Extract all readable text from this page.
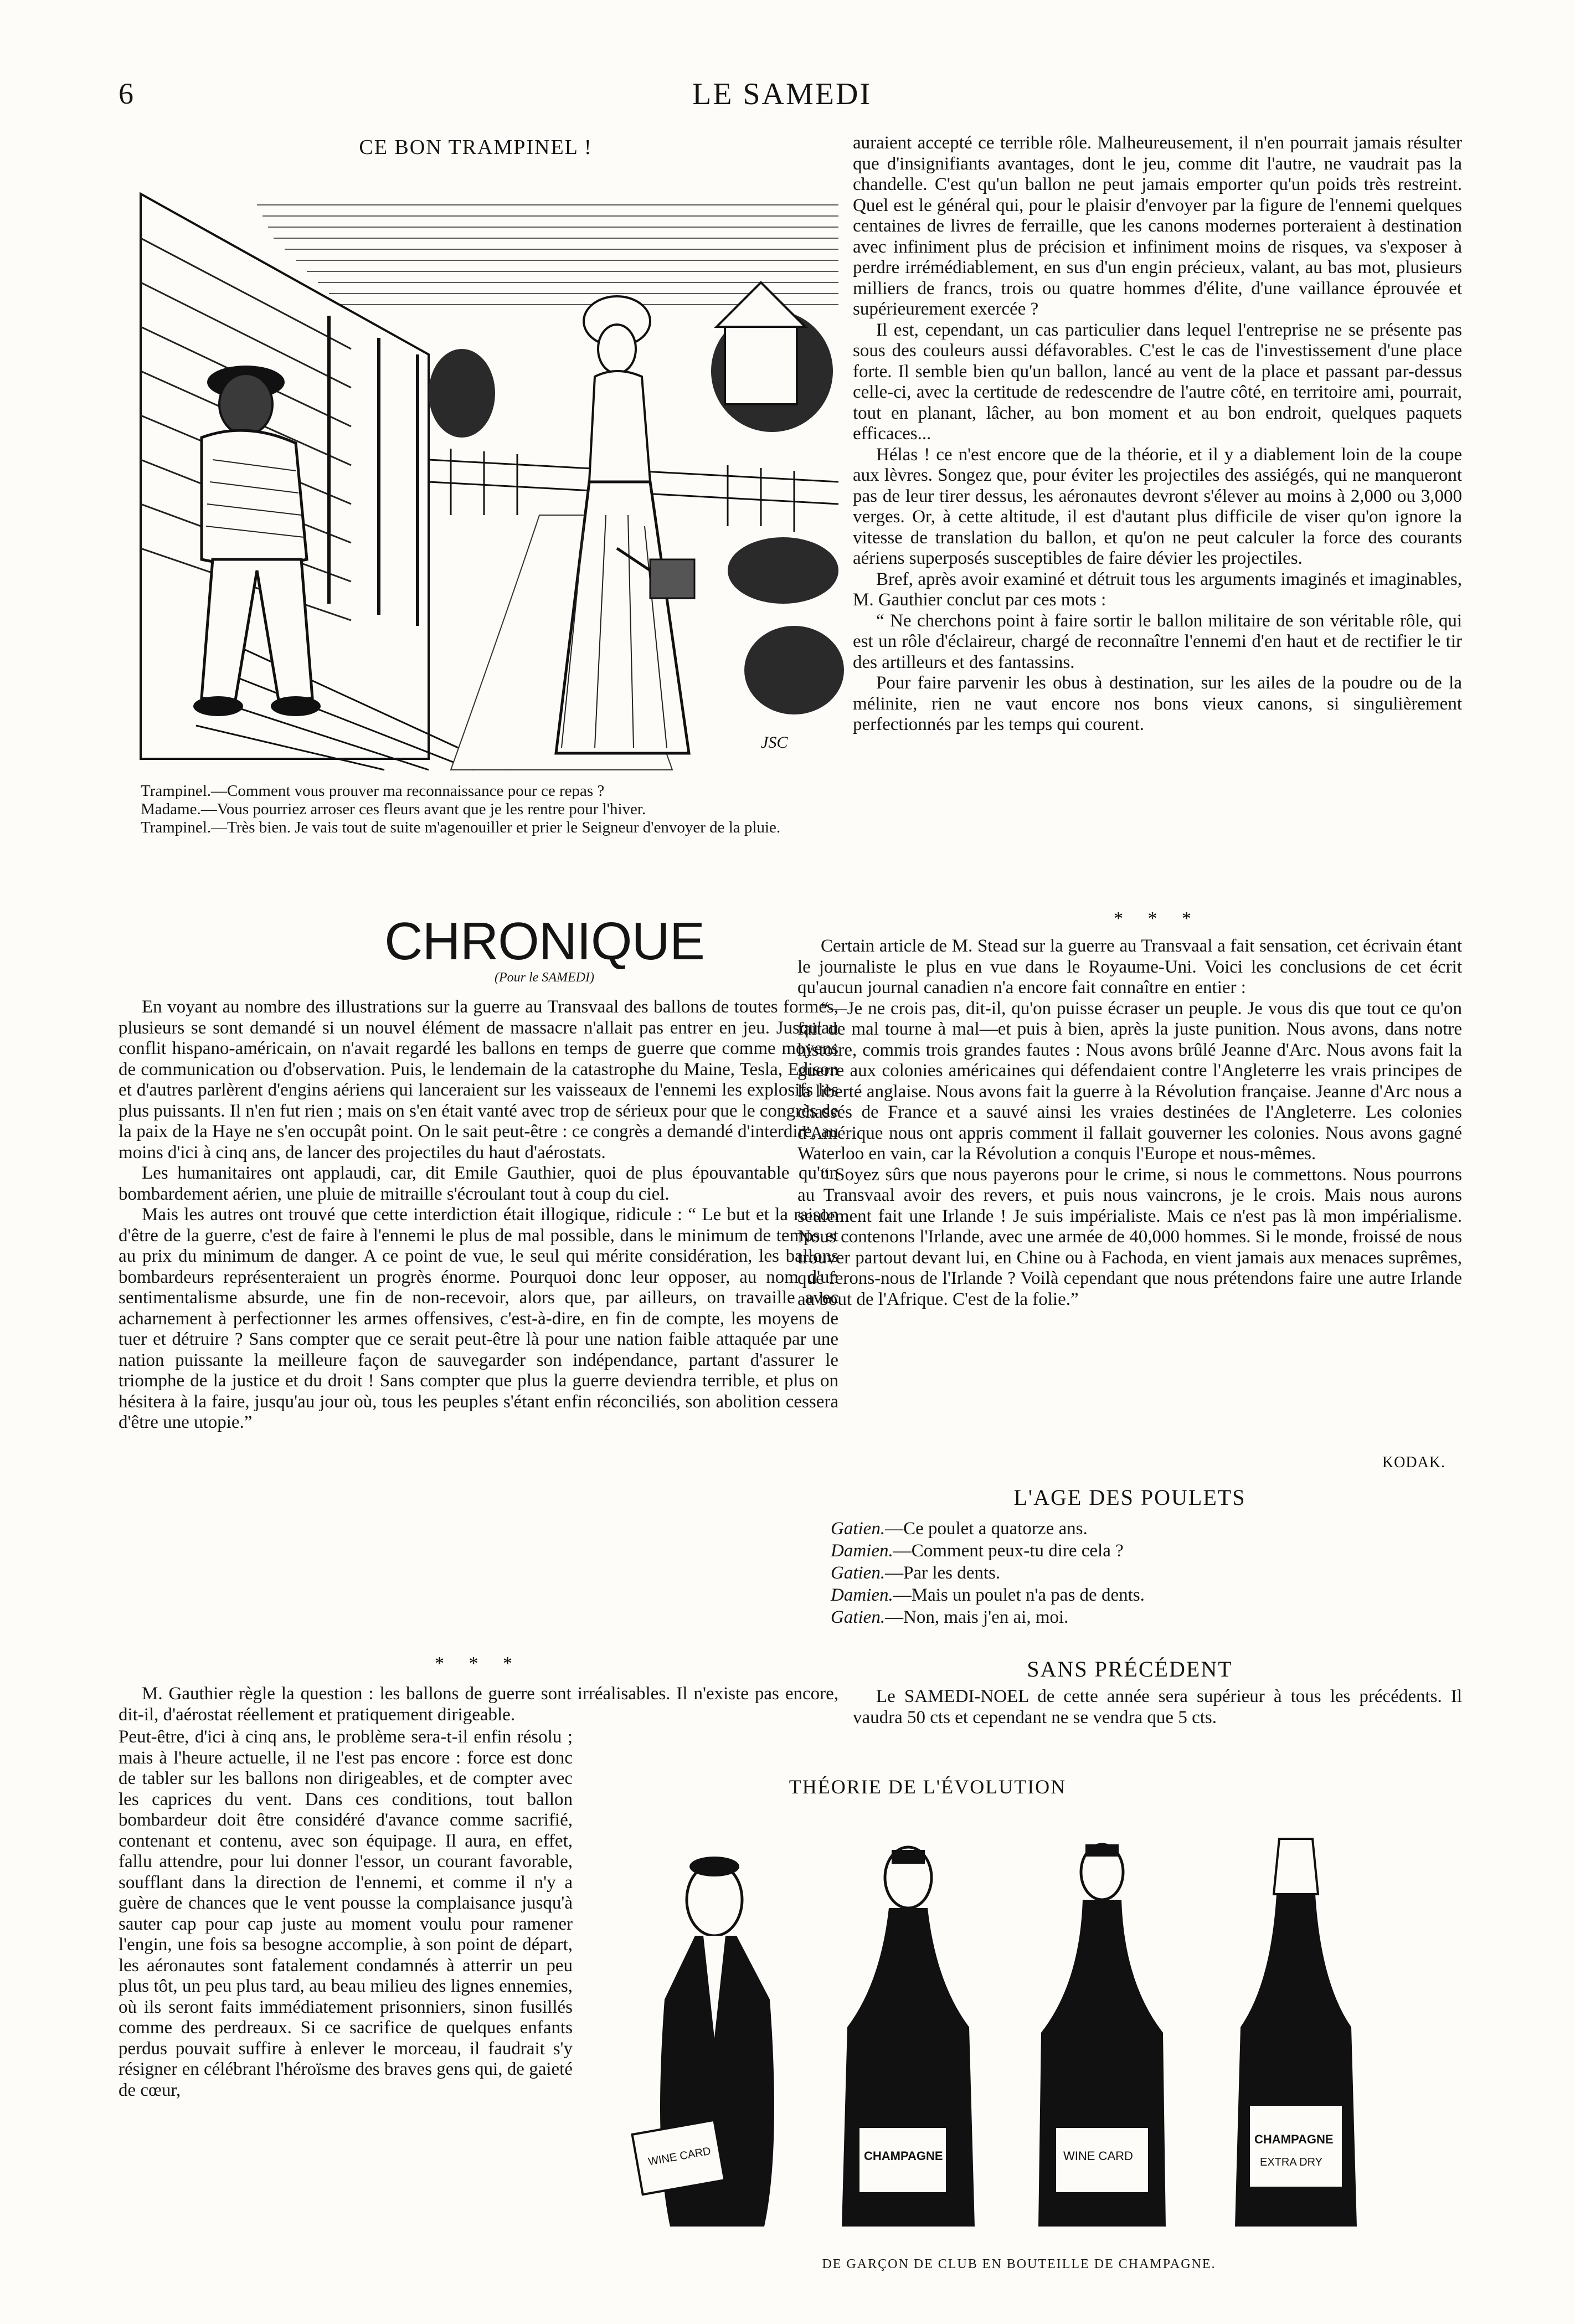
6	LE SAMEDI
CE BON TRAMPINEL !
JSC

Trampinel.—Comment vous prouver ma reconnaissance pour ce repas ?

Madame.—Vous pourriez arroser ces fleurs avant que je les rentre pour l'hiver.

Trampinel.—Très bien. Je vais tout de suite m'agenouiller et prier le Seigneur d'envoyer de la pluie.

CHRONIQUE
(Pour le SAMEDI)

En voyant au nombre des illustrations sur la guerre au Transvaal des ballons de toutes formes, plusieurs se sont demandé si un nouvel élément de massacre n'allait pas entrer en jeu. Jusqu'au conflit hispano-américain, on n'avait regardé les ballons en temps de guerre que comme moyens de communication ou d'observation. Puis, le lendemain de la catastrophe du Maine, Tesla, Edison et d'autres parlèrent d'engins aériens qui lanceraient sur les vaisseaux de l'ennemi les explosifs les plus puissants. Il n'en fut rien ; mais on s'en était vanté avec trop de sérieux pour que le congrès de la paix de la Haye ne s'en occupât point. On le sait peut-être : ce congrès a demandé d'interdire, au moins d'ici à cinq ans, de lancer des projectiles du haut d'aérostats.

Les humanitaires ont applaudi, car, dit Emile Gauthier, quoi de plus épouvantable qu'un bombardement aérien, une pluie de mitraille s'écroulant tout à coup du ciel.

Mais les autres ont trouvé que cette interdiction était illogique, ridicule : “ Le but et la raison d'être de la guerre, c'est de faire à l'ennemi le plus de mal possible, dans le minimum de temps et au prix du minimum de danger. A ce point de vue, le seul qui mérite considération, les ballons bombardeurs représenteraient un progrès énorme. Pourquoi donc leur opposer, au nom d'un sentimentalisme absurde, une fin de non-recevoir, alors que, par ailleurs, on travaille avec acharnement à perfectionner les armes offensives, c'est-à-dire, en fin de compte, les moyens de tuer et détruire ? Sans compter que ce serait peut-être là pour une nation faible attaquée par une nation puissante la meilleure façon de sauvegarder son indépendance, partant d'assurer le triomphe de la justice et du droit ! Sans compter que plus la guerre deviendra terrible, et plus on hésitera à la faire, jusqu'au jour où, tous les peuples s'étant enfin réconciliés, son abolition cessera d'être une utopie.”

* * *

M. Gauthier règle la question : les ballons de guerre sont irréalisables. Il n'existe pas encore, dit-il, d'aérostat réellement et pratiquement dirigeable.

Peut-être, d'ici à cinq ans, le problème sera-t-il enfin résolu ; mais à l'heure actuelle, il ne l'est pas encore : force est donc de tabler sur les ballons non dirigeables, et de compter avec les caprices du vent. Dans ces conditions, tout ballon bombardeur doit être considéré d'avance comme sacrifié, contenant et contenu, avec son équipage. Il aura, en effet, fallu attendre, pour lui donner l'essor, un courant favorable, soufflant dans la direction de l'ennemi, et comme il n'y a guère de chances que le vent pousse la complaisance jusqu'à sauter cap pour cap juste au moment voulu pour ramener l'engin, une fois sa besogne accomplie, à son point de départ, les aéronautes sont fatalement condamnés à atterrir un peu plus tôt, un peu plus tard, au beau milieu des lignes ennemies, où ils seront faits immédiatement prisonniers, sinon fusillés comme des perdreaux. Si ce sacrifice de quelques enfants perdus pouvait suffire à enlever le morceau, il faudrait s'y résigner en célébrant l'héroïsme des braves gens qui, de gaieté de cœur,

auraient accepté ce terrible rôle. Malheureusement, il n'en pourrait jamais résulter que d'insignifiants avantages, dont le jeu, comme dit l'autre, ne vaudrait pas la chandelle. C'est qu'un ballon ne peut jamais emporter qu'un poids très restreint. Quel est le général qui, pour le plaisir d'envoyer par la figure de l'ennemi quelques centaines de livres de ferraille, que les canons modernes porteraient à destination avec infiniment plus de précision et infiniment moins de risques, va s'exposer à perdre irrémédiablement, en sus d'un engin précieux, valant, au bas mot, plusieurs milliers de francs, trois ou quatre hommes d'élite, d'une vaillance éprouvée et supérieurement exercée ?

Il est, cependant, un cas particulier dans lequel l'entreprise ne se présente pas sous des couleurs aussi défavorables. C'est le cas de l'investissement d'une place forte. Il semble bien qu'un ballon, lancé au vent de la place et passant par-dessus celle-ci, avec la certitude de redescendre de l'autre côté, en territoire ami, pourrait, tout en planant, lâcher, au bon moment et au bon endroit, quelques paquets efficaces...

Hélas ! ce n'est encore que de la théorie, et il y a diablement loin de la coupe aux lèvres. Songez que, pour éviter les projectiles des assiégés, qui ne manqueront pas de leur tirer dessus, les aéronautes devront s'élever au moins à 2,000 ou 3,000 verges. Or, à cette altitude, il est d'autant plus difficile de viser qu'on ignore la vitesse de translation du ballon, et qu'on ne peut calculer la force des courants aériens superposés susceptibles de faire dévier les projectiles.

Bref, après avoir examiné et détruit tous les arguments imaginés et imaginables, M. Gauthier conclut par ces mots :

“ Ne cherchons point à faire sortir le ballon militaire de son véritable rôle, qui est un rôle d'éclaireur, chargé de reconnaître l'ennemi d'en haut et de rectifier le tir des artilleurs et des fantassins.

Pour faire parvenir les obus à destination, sur les ailes de la poudre ou de la mélinite, rien ne vaut encore nos bons vieux canons, si singulièrement perfectionnés par les temps qui courent.

* * *

Certain article de M. Stead sur la guerre au Transvaal a fait sensation, cet écrivain étant le journaliste le plus en vue dans le Royaume-Uni. Voici les conclusions de cet écrit qu'aucun journal canadien n'a encore fait connaître en entier :

“—Je ne crois pas, dit-il, qu'on puisse écraser un peuple. Je vous dis que tout ce qu'on fait de mal tourne à mal—et puis à bien, après la juste punition. Nous avons, dans notre histoire, commis trois grandes fautes : Nous avons brûlé Jeanne d'Arc. Nous avons fait la guerre aux colonies américaines qui défendaient contre l'Angleterre les vrais principes de la liberté anglaise. Nous avons fait la guerre à la Révolution française. Jeanne d'Arc nous a chassés de France et a sauvé ainsi les vraies destinées de l'Angleterre. Les colonies d'Amérique nous ont appris comment il fallait gouverner les colonies. Nous avons gagné Waterloo en vain, car la Révolution a conquis l'Europe et nous-mêmes.

“ Soyez sûrs que nous payerons pour le crime, si nous le commettons. Nous pourrons au Transvaal avoir des revers, et puis nous vaincrons, je le crois. Mais nous aurons seulement fait une Irlande ! Je suis impérialiste. Mais ce n'est pas là mon impérialisme. Nous contenons l'Irlande, avec une armée de 40,000 hommes. Si le monde, froissé de nous trouver partout devant lui, en Chine ou à Fachoda, en vient jamais aux menaces suprêmes, que ferons-nous de l'Irlande ? Voilà cependant que nous prétendons faire une autre Irlande au bout de l'Afrique. C'est de la folie.”

KODAK.
L'AGE DES POULETS

Gatien.—Ce poulet a quatorze ans.

Damien.—Comment peux-tu dire cela ?

Gatien.—Par les dents.

Damien.—Mais un poulet n'a pas de dents.

Gatien.—Non, mais j'en ai, moi.

SANS PRÉCÉDENT

Le SAMEDI-NOEL de cette année sera supérieur à tous les précédents. Il vaudra 50 cts et cependant ne se vendra que 5 cts.

THÉORIE DE L'ÉVOLUTION
WINE CARD	CHAMPAGNE	WINE CARD
CHAMPAGNE
EXTRA DRY
DE GARÇON DE CLUB EN BOUTEILLE DE CHAMPAGNE.
